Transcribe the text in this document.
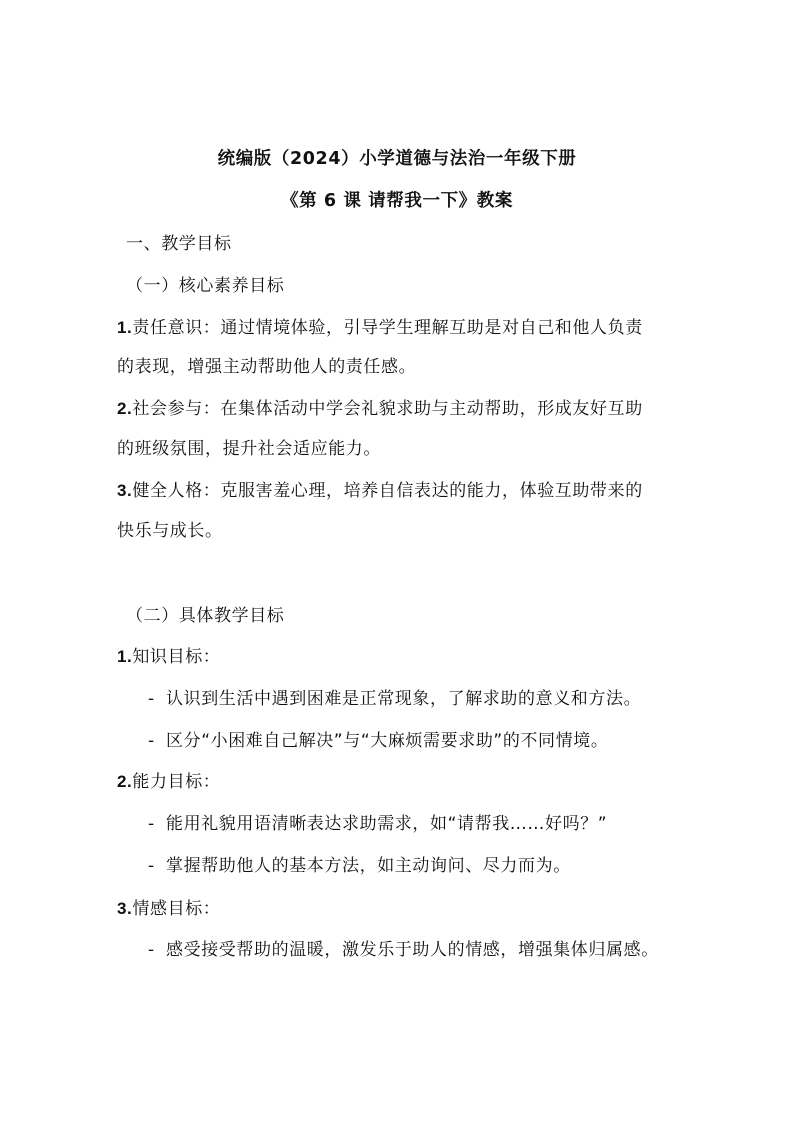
统编版（2024）小学道德与法治一年级下册
《第 6 课 请帮我一下》教案
一、教学目标
（一）核心素养目标
1.责任意识：通过情境体验，引导学生理解互助是对自己和他人负责
的表现，增强主动帮助他人的责任感。
2.社会参与：在集体活动中学会礼貌求助与主动帮助，形成友好互助
的班级氛围，提升社会适应能力。
3.健全人格：克服害羞心理，培养自信表达的能力，体验互助带来的
快乐与成长。
（二）具体教学目标
1.知识目标：
- 认识到生活中遇到困难是正常现象，了解求助的意义和方法。
- 区分“小困难自己解决”与“大麻烦需要求助”的不同情境。
2.能力目标：
- 能用礼貌用语清晰表达求助需求，如“请帮我……好吗？”
- 掌握帮助他人的基本方法，如主动询问、尽力而为。
3.情感目标：
- 感受接受帮助的温暖，激发乐于助人的情感，增强集体归属感。
